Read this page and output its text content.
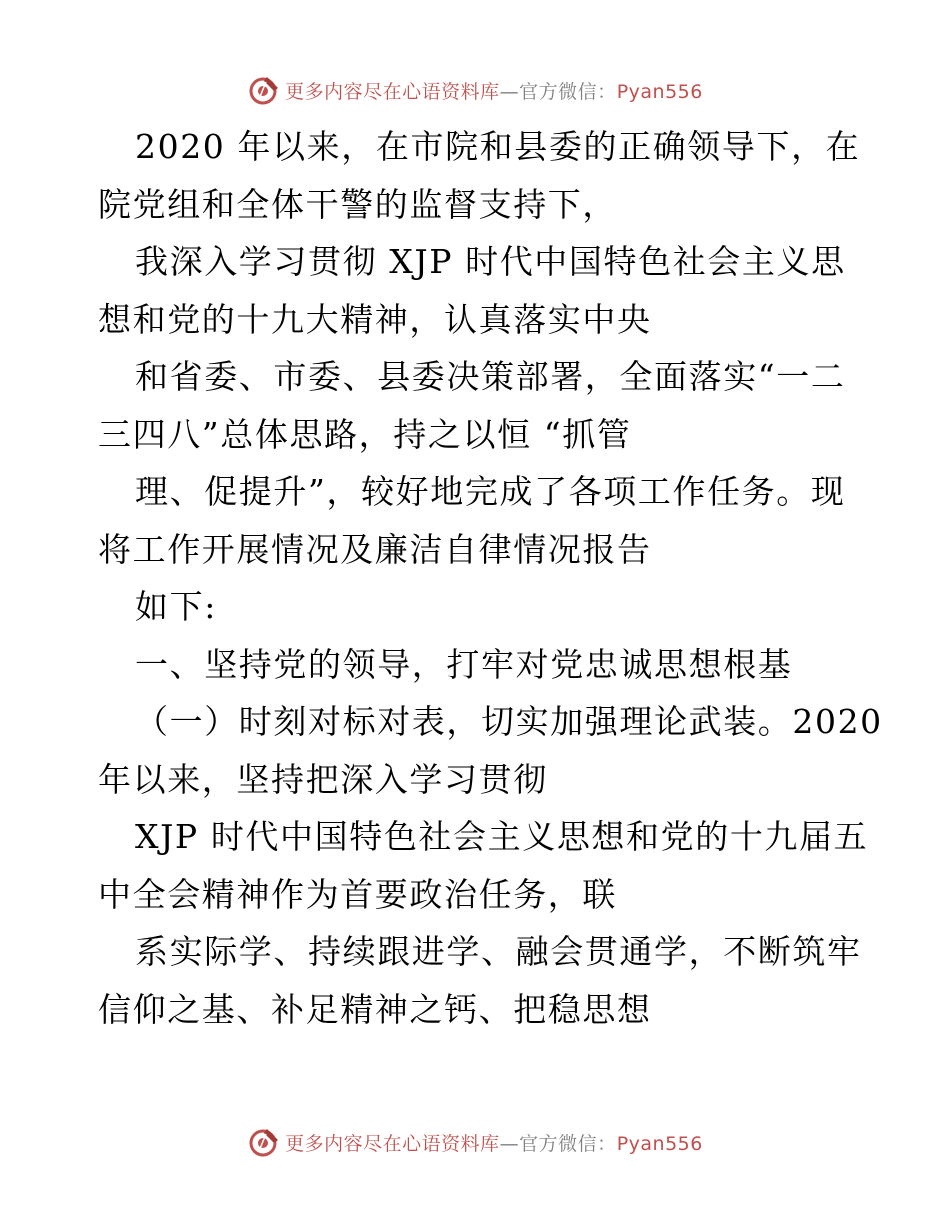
更多内容尽在心语资料库—官方微信：Pyan556
2020 年以来，在市院和县委的正确领导下，在
院党组和全体干警的监督支持下，
我深入学习贯彻 XJP 时代中国特色社会主义思
想和党的十九大精神，认真落实中央
和省委、市委、县委决策部署，全面落实“一二
三四八”总体思路，持之以恒 “抓管
理、促提升”，较好地完成了各项工作任务。现
将工作开展情况及廉洁自律情况报告
如下:
一、坚持党的领导，打牢对党忠诚思想根基
（一）时刻对标对表，切实加强理论武装。2020
年以来，坚持把深入学习贯彻
XJP 时代中国特色社会主义思想和党的十九届五
中全会精神作为首要政治任务，联
系实际学、持续跟进学、融会贯通学，不断筑牢
信仰之基、补足精神之钙、把稳思想
更多内容尽在心语资料库—官方微信：Pyan556
